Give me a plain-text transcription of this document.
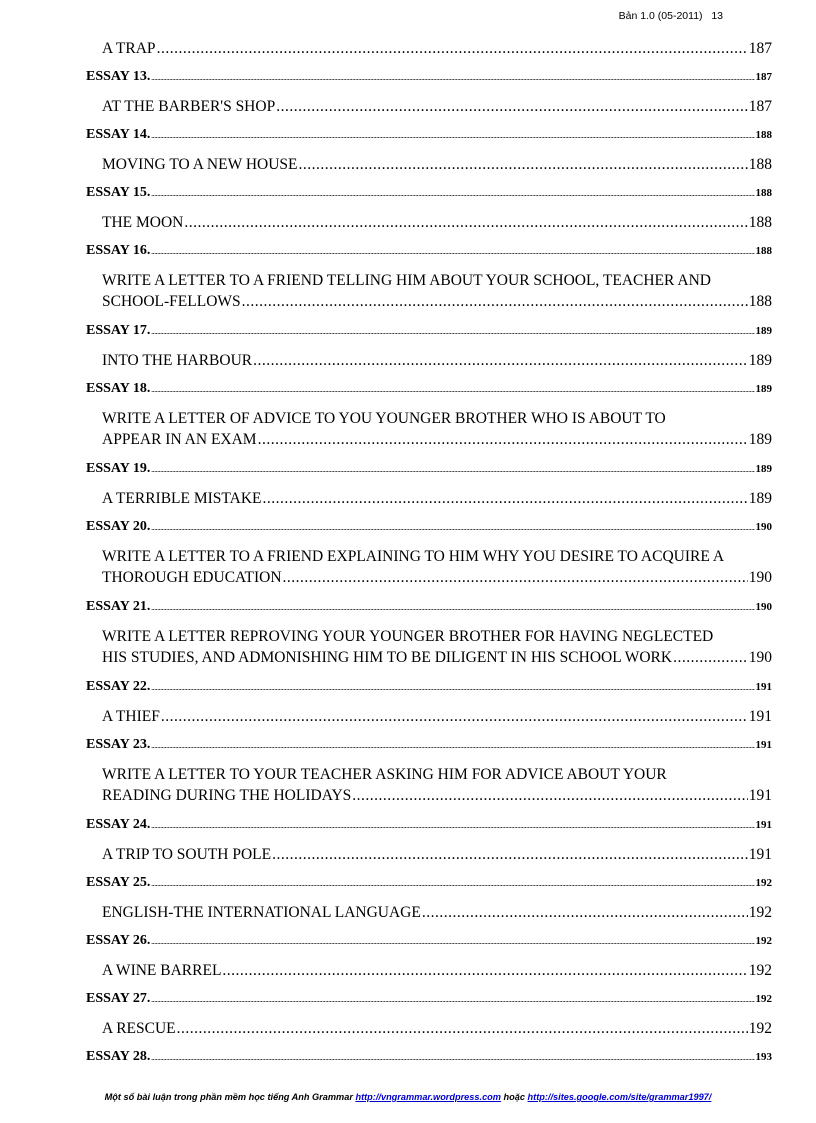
Bản 1.0 (05-2011) 13
A TRAP .....	187
ESSAY 13. .....	187
AT THE BARBER'S SHOP .....	187
ESSAY 14. .....	188
MOVING TO A NEW HOUSE .....	188
ESSAY 15. .....	188
THE MOON .....	188
ESSAY 16. .....	188
WRITE A LETTER TO A FRIEND TELLING HIM ABOUT YOUR SCHOOL, TEACHER AND
SCHOOL-FELLOWS .....	188
ESSAY 17. .....	189
INTO THE HARBOUR .....	189
ESSAY 18. .....	189
WRITE A LETTER OF ADVICE TO YOU YOUNGER BROTHER WHO IS ABOUT TO
APPEAR IN AN EXAM .....	189
ESSAY 19. .....	189
A TERRIBLE MISTAKE .....	189
ESSAY 20. .....	190
WRITE A LETTER TO A FRIEND EXPLAINING TO HIM WHY YOU DESIRE TO ACQUIRE A
THOROUGH EDUCATION .....	190
ESSAY 21. .....	190
WRITE A LETTER REPROVING YOUR YOUNGER BROTHER FOR HAVING NEGLECTED
HIS STUDIES, AND ADMONISHING HIM TO BE DILIGENT IN HIS SCHOOL WORK .....	190
ESSAY 22. .....	191
A THIEF .....	191
ESSAY 23. .....	191
WRITE A LETTER TO YOUR TEACHER ASKING HIM FOR ADVICE ABOUT YOUR
READING DURING THE HOLIDAYS .....	191
ESSAY 24. .....	191
A TRIP TO SOUTH POLE .....	191
ESSAY 25. .....	192
ENGLISH-THE INTERNATIONAL LANGUAGE .....	192
ESSAY 26. .....	192
A WINE BARREL .....	192
ESSAY 27. .....	192
A RESCUE .....	192
ESSAY 28. .....	193
Một số bài luận trong phần mềm học tiếng Anh Grammar http://vngrammar.wordpress.com hoặc http://sites.google.com/site/grammar1997/
